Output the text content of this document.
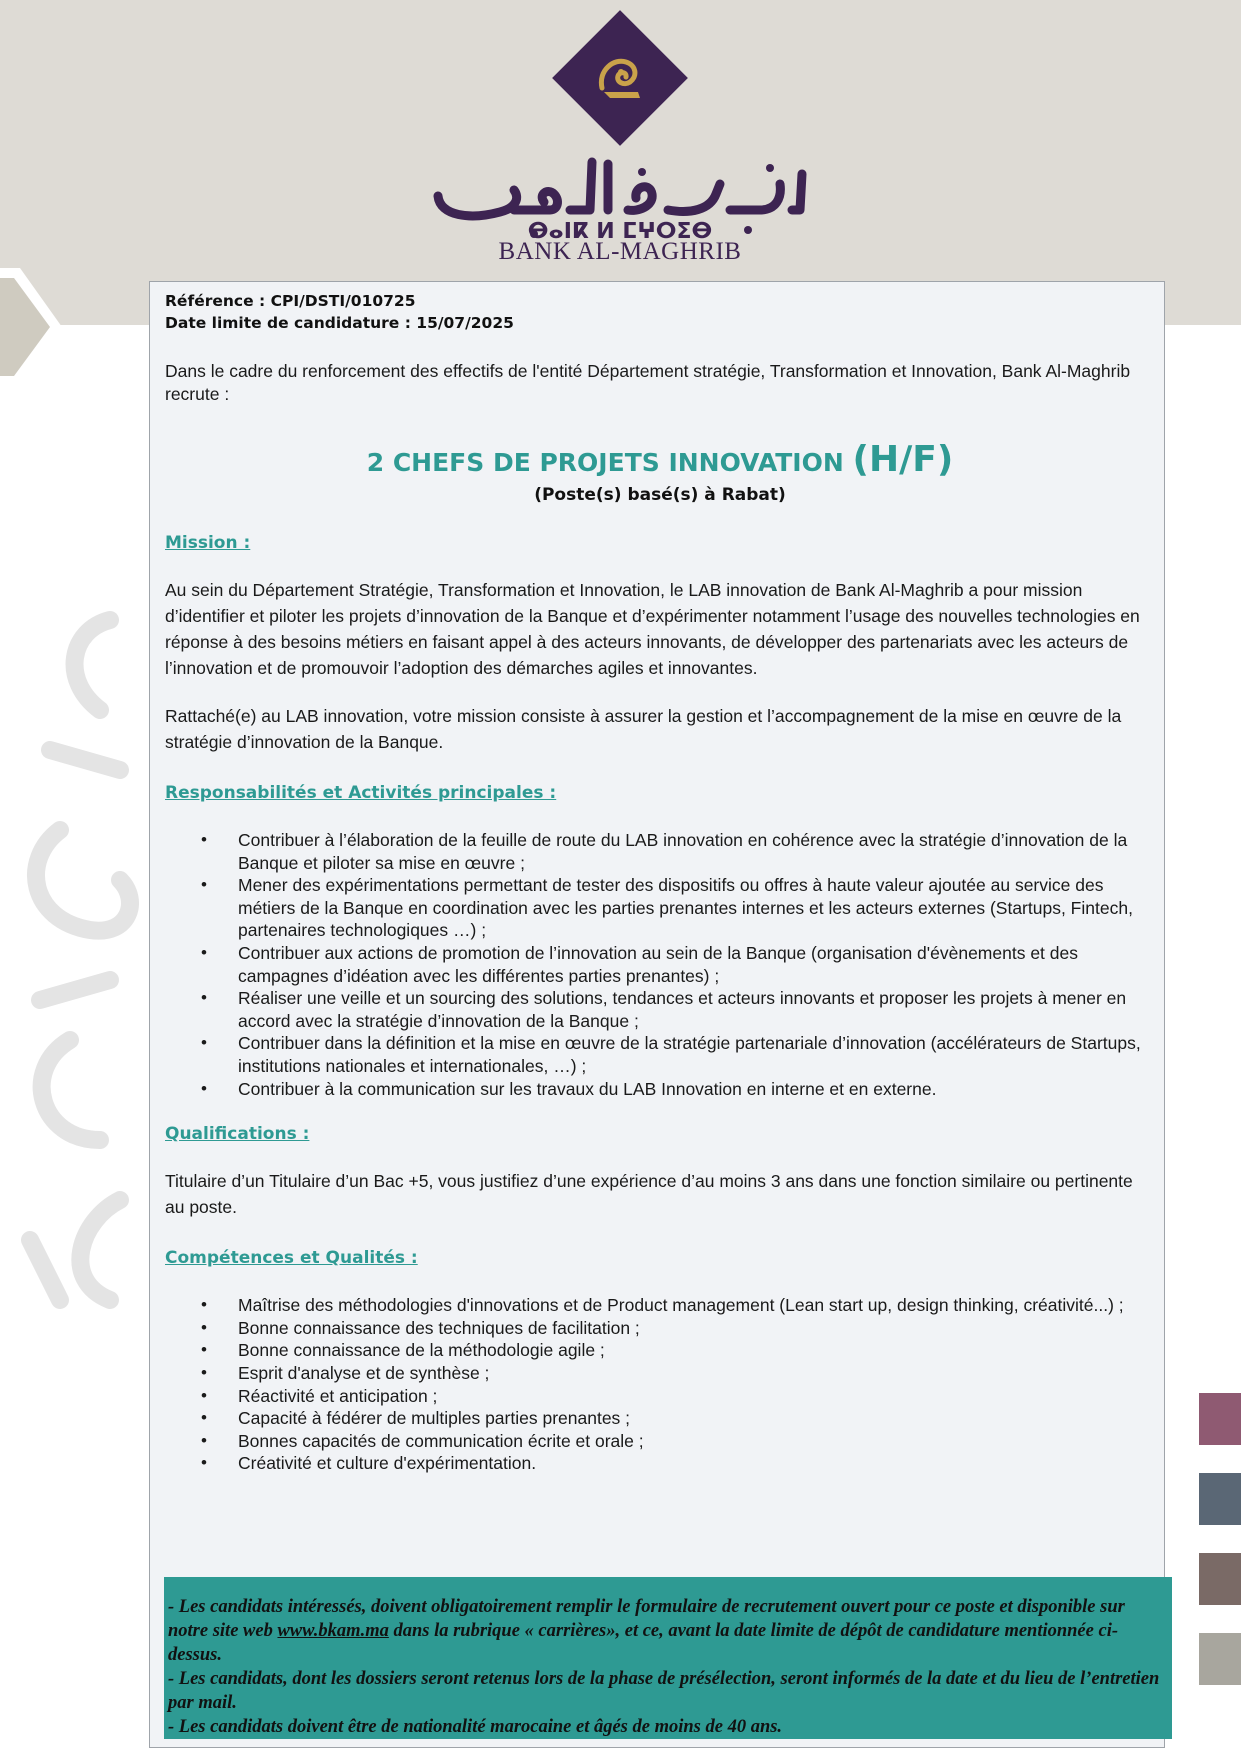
ⴱⴰⵏⴽ ⵍ ⵎⵖⵔⵉⴱ
BANK AL-MAGHRIB
Référence : CPI/DSTI/010725
Date limite de candidature : 15/07/2025
Dans le cadre du renforcement des effectifs de l'entité Département stratégie, Transformation et Innovation, Bank Al-Maghrib recrute :
2 CHEFS DE PROJETS INNOVATION (H/F)
(Poste(s) basé(s) à Rabat)
Mission :
Au sein du Département Stratégie, Transformation et Innovation, le LAB innovation de Bank Al-Maghrib a pour mission d’identifier et piloter les projets d’innovation de la Banque et d’expérimenter notamment l’usage des nouvelles technologies en réponse à des besoins métiers en faisant appel à des acteurs innovants, de développer des partenariats avec les acteurs de l’innovation et de promouvoir l’adoption des démarches agiles et innovantes.
Rattaché(e) au LAB innovation, votre mission consiste à assurer la gestion et l’accompagnement de la mise en œuvre de la stratégie d’innovation de la Banque.
Responsabilités et Activités principales :
• Contribuer à l’élaboration de la feuille de route du LAB innovation en cohérence avec la stratégie d’innovation de la Banque et piloter sa mise en œuvre ;
• Mener des expérimentations permettant de tester des dispositifs ou offres à haute valeur ajoutée au service des métiers de la Banque en coordination avec les parties prenantes internes et les acteurs externes (Startups, Fintech, partenaires technologiques …) ;
• Contribuer aux actions de promotion de l’innovation au sein de la Banque (organisation d'évènements et des campagnes d’idéation avec les différentes parties prenantes) ;
• Réaliser une veille et un sourcing des solutions, tendances et acteurs innovants et proposer les projets à mener en accord avec la stratégie d’innovation de la Banque ;
• Contribuer dans la définition et la mise en œuvre de la stratégie partenariale d’innovation (accélérateurs de Startups, institutions nationales et internationales, …) ;
• Contribuer à la communication sur les travaux du LAB Innovation en interne et en externe.
Qualifications :
Titulaire d’un Titulaire d’un Bac +5, vous justifiez d’une expérience d’au moins 3 ans dans une fonction similaire ou pertinente au poste.
Compétences et Qualités :
• Maîtrise des méthodologies d'innovations et de Product management (Lean start up, design thinking, créativité...) ;
• Bonne connaissance des techniques de facilitation ;
• Bonne connaissance de la méthodologie agile ;
• Esprit d'analyse et de synthèse ;
• Réactivité et anticipation ;
• Capacité à fédérer de multiples parties prenantes ;
• Bonnes capacités de communication écrite et orale ;
• Créativité et culture d'expérimentation.
- Les candidats intéressés, doivent obligatoirement remplir le formulaire de recrutement ouvert pour ce poste et disponible sur notre site web www.bkam.ma dans la rubrique « carrières», et ce, avant la date limite de dépôt de candidature mentionnée ci-dessus.
- Les candidats, dont les dossiers seront retenus lors de la phase de présélection, seront informés de la date et du lieu de l’entretien par mail.
- Les candidats doivent être de nationalité marocaine et âgés de moins de 40 ans.
